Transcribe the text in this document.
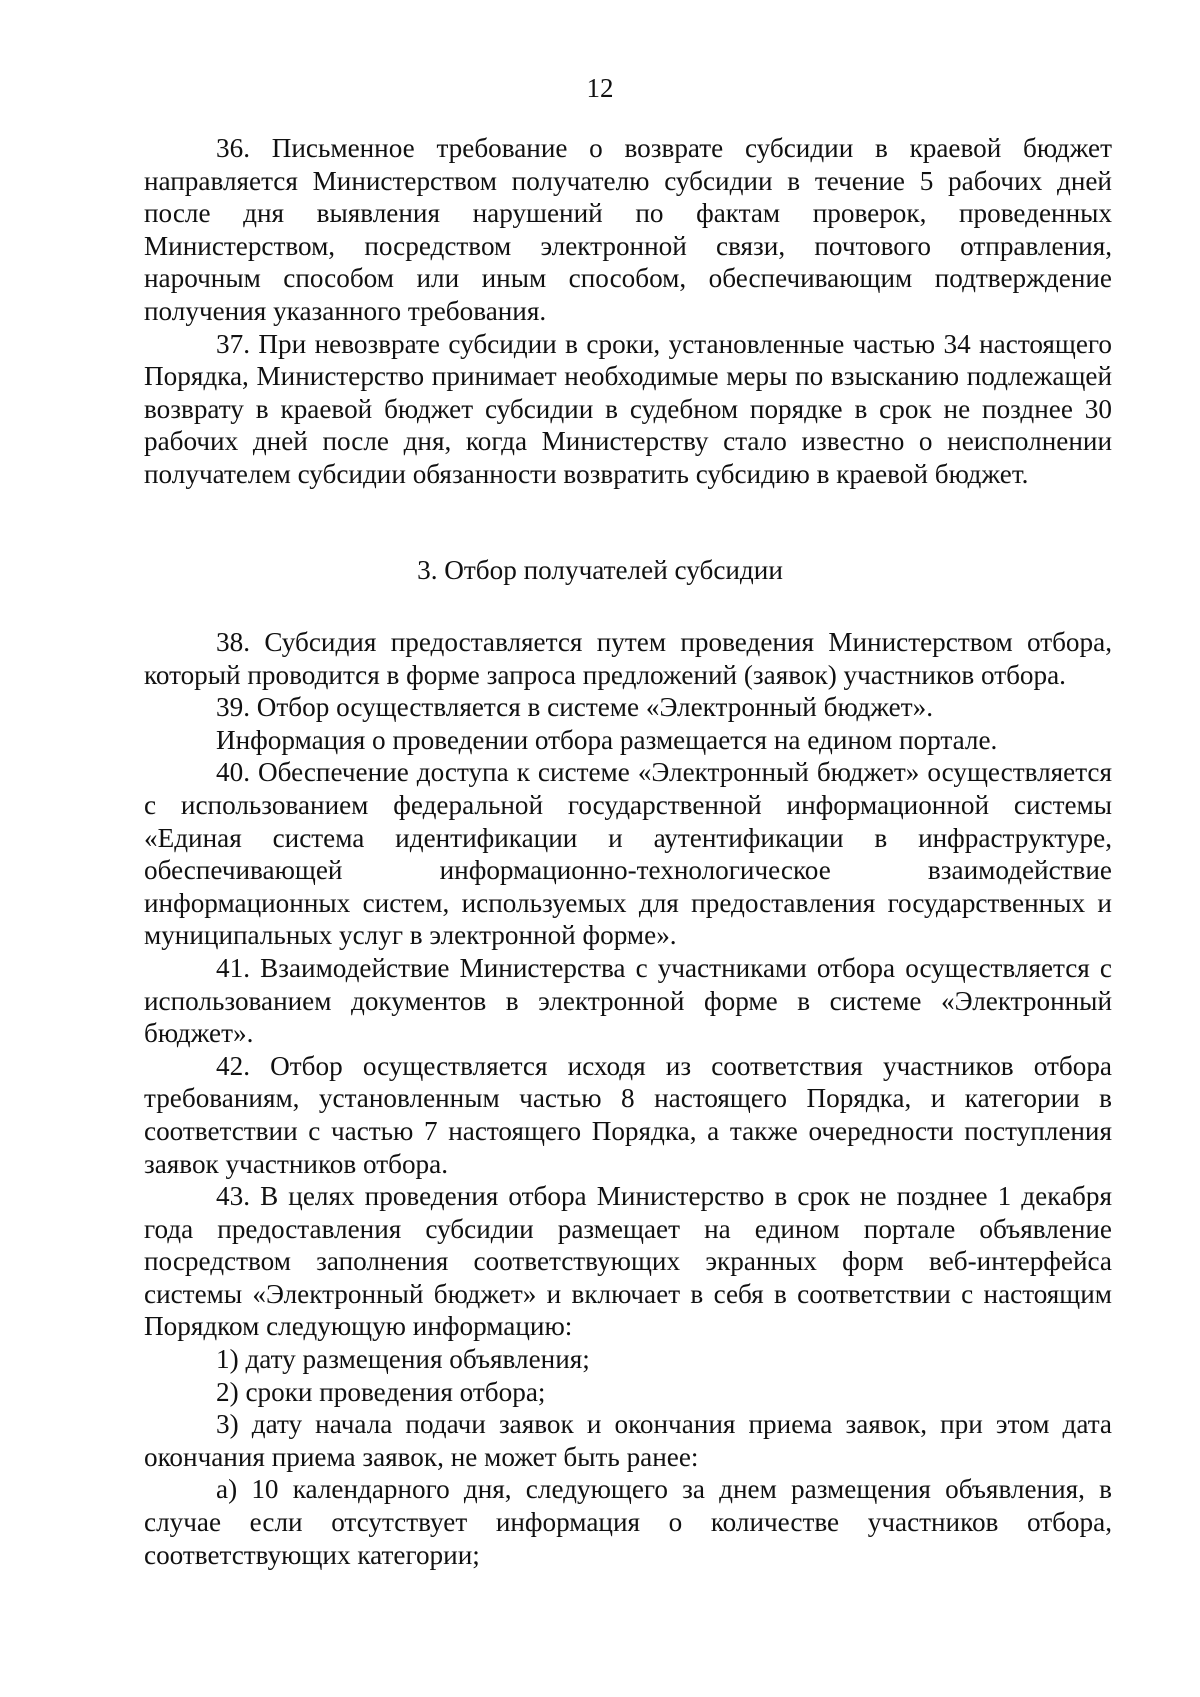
12

36. Письменное требование о возврате субсидии в краевой бюджет направляется Министерством получателю субсидии в течение 5 рабочих дней после дня выявления нарушений по фактам проверок, проведенных Министерством, посредством электронной связи, почтового отправления, нарочным способом или иным способом, обеспечивающим подтверждение получения указанного требования.

37. При невозврате субсидии в сроки, установленные частью 34 настоящего Порядка, Министерство принимает необходимые меры по взысканию подлежащей возврату в краевой бюджет субсидии в судебном порядке в срок не позднее 30 рабочих дней после дня, когда Министерству стало известно о неисполнении получателем субсидии обязанности возвратить субсидию в краевой бюджет.

3. Отбор получателей субсидии

38. Субсидия предоставляется путем проведения Министерством отбора, который проводится в форме запроса предложений (заявок) участников отбора.

39. Отбор осуществляется в системе «Электронный бюджет».

Информация о проведении отбора размещается на едином портале.

40. Обеспечение доступа к системе «Электронный бюджет» осуществляется с использованием федеральной государственной информационной системы «Единая система идентификации и аутентификации в инфраструктуре, обеспечивающей информационно-технологическое взаимодействие информационных систем, используемых для предоставления государственных и муниципальных услуг в электронной форме».

41. Взаимодействие Министерства с участниками отбора осуществляется с использованием документов в электронной форме в системе «Электронный бюджет».

42. Отбор осуществляется исходя из соответствия участников отбора требованиям, установленным частью 8 настоящего Порядка, и категории в соответствии с частью 7 настоящего Порядка, а также очередности поступления заявок участников отбора.

43. В целях проведения отбора Министерство в срок не позднее 1 декабря года предоставления субсидии размещает на едином портале объявление посредством заполнения соответствующих экранных форм веб-интерфейса системы «Электронный бюджет» и включает в себя в соответствии с настоящим Порядком следующую информацию:

1) дату размещения объявления;

2) сроки проведения отбора;

3) дату начала подачи заявок и окончания приема заявок, при этом дата окончания приема заявок, не может быть ранее:

а) 10 календарного дня, следующего за днем размещения объявления, в случае если отсутствует информация о количестве участников отбора, соответствующих категории;
